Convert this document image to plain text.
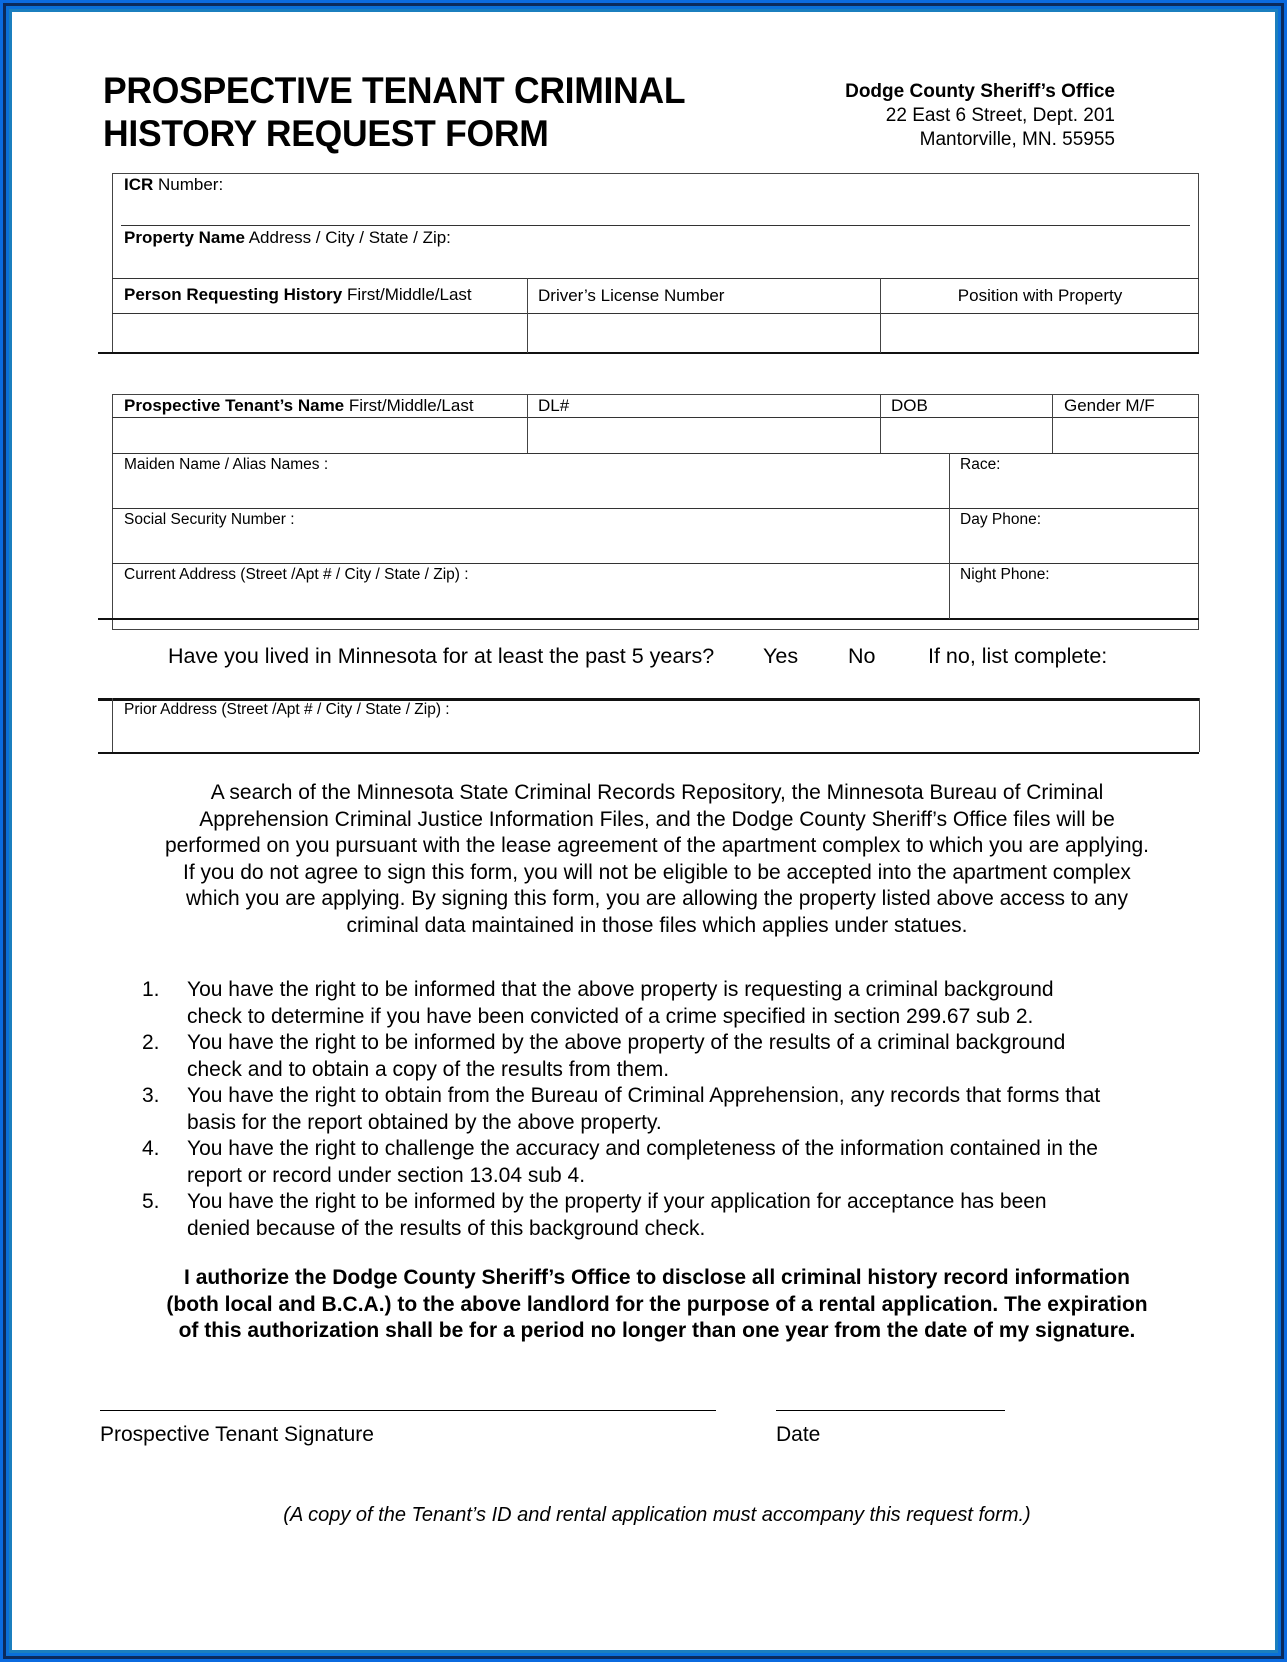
PROSPECTIVE TENANT CRIMINAL
HISTORY REQUEST FORM
Dodge County Sheriff’s Office
22 East 6 Street, Dept. 201
Mantorville, MN. 55955
ICR Number:
Property Name Address / City / State / Zip:
Person Requesting History First/Middle/Last	Driver’s License Number	Position with Property
Prospective Tenant’s Name First/Middle/Last	DL#	DOB	Gender M/F
Maiden Name / Alias Names :	Race:
Social Security Number :	Day Phone:
Current Address (Street /Apt # / City / State / Zip) :	Night Phone:
Have you lived in Minnesota for at least the past 5 years? Yes No If no, list complete:
Prior Address (Street /Apt # / City / State / Zip) :
A search of the Minnesota State Criminal Records Repository, the Minnesota Bureau of Criminal
Apprehension Criminal Justice Information Files, and the Dodge County Sheriff’s Office files will be
performed on you pursuant with the lease agreement of the apartment complex to which you are applying.
If you do not agree to sign this form, you will not be eligible to be accepted into the apartment complex
which you are applying. By signing this form, you are allowing the property listed above access to any
criminal data maintained in those files which applies under statues.
1. You have the right to be informed that the above property is requesting a criminal background
check to determine if you have been convicted of a crime specified in section 299.67 sub 2.
2. You have the right to be informed by the above property of the results of a criminal background
check and to obtain a copy of the results from them.
3. You have the right to obtain from the Bureau of Criminal Apprehension, any records that forms that
basis for the report obtained by the above property.
4. You have the right to challenge the accuracy and completeness of the information contained in the
report or record under section 13.04 sub 4.
5. You have the right to be informed by the property if your application for acceptance has been
denied because of the results of this background check.
I authorize the Dodge County Sheriff’s Office to disclose all criminal history record information
(both local and B.C.A.) to the above landlord for the purpose of a rental application. The expiration
of this authorization shall be for a period no longer than one year from the date of my signature.
Prospective Tenant Signature	Date
(A copy of the Tenant’s ID and rental application must accompany this request form.)
